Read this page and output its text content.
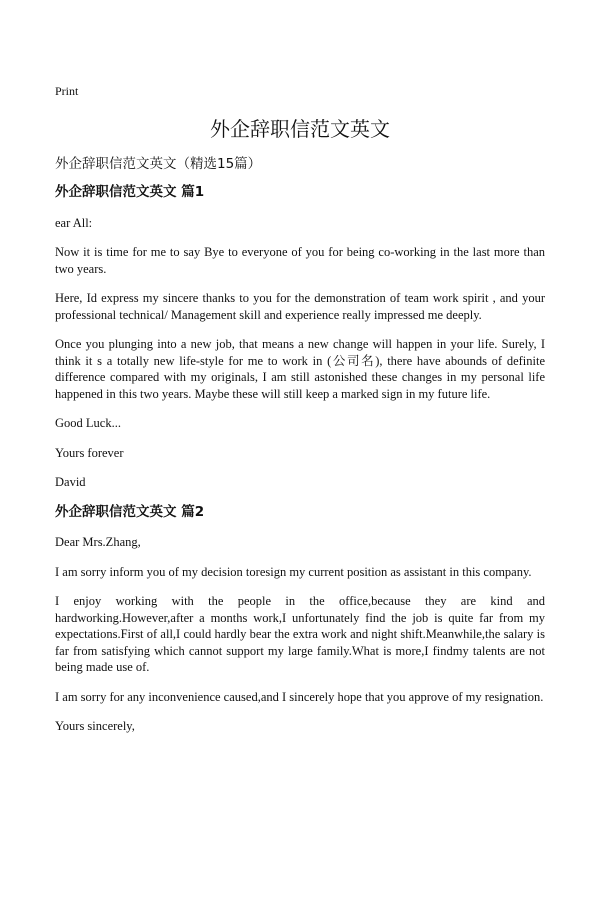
Print
外企辞职信范文英文
外企辞职信范文英文（精选15篇）
外企辞职信范文英文 篇1
ear All:
Now it is time for me to say Bye to everyone of you for being co-working in the last more than two years.
Here, Id express my sincere thanks to you for the demonstration of team work spirit , and your professional technical/ Management skill and experience really impressed me deeply.
Once you plunging into a new job, that means a new change will happen in your life. Surely, I think it s a totally new life-style for me to work in (公司名), there have abounds of definite difference compared with my originals, I am still astonished these changes in my personal life happened in this two years. Maybe these will still keep a marked sign in my future life.
Good Luck...
Yours forever
David
外企辞职信范文英文 篇2
Dear Mrs.Zhang,
I am sorry inform you of my decision toresign my current position as assistant in this company.
I enjoy working with the people in the office,because they are kind and hardworking.However,after a months work,I unfortunately find the job is quite far from my expectations.First of all,I could hardly bear the extra work and night shift.Meanwhile,the salary is far from satisfying which cannot support my large family.What is more,I findmy talents are not being made use of.
I am sorry for any inconvenience caused,and I sincerely hope that you approve of my resignation.
Yours sincerely,
